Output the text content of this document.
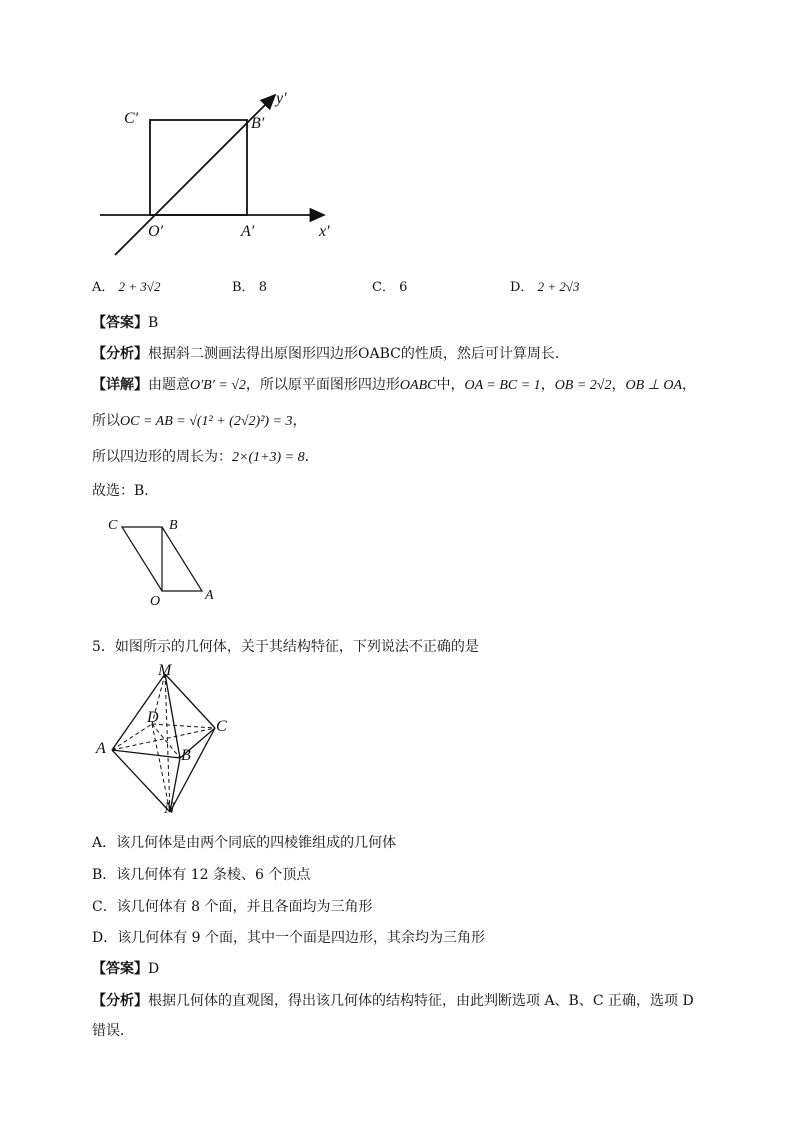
C′	B′
y′
O′	A′	x′
A． 2 + 3√2	B． 8	C． 6	D． 2 + 2√3
【答案】B
【分析】根据斜二测画法得出原图形四边形OABC的性质，然后可计算周长．
【详解】由题意O′B′ = √2，所以原平面图形四边形OABC中，OA = BC = 1，OB = 2√2，OB ⊥ OA，
所以OC = AB = √(1² + (2√2)²) = 3，
所以四边形的周长为：2×(1+3) = 8．
故选：B．
C	B
O	A
5．如图所示的几何体，关于其结构特征，下列说法不正确的是
M
D
C
A	B
N
A．该几何体是由两个同底的四棱锥组成的几何体
B．该几何体有 12 条棱、6 个顶点
C．该几何体有 8 个面，并且各面均为三角形
D．该几何体有 9 个面，其中一个面是四边形，其余均为三角形
【答案】D
【分析】根据几何体的直观图，得出该几何体的结构特征，由此判断选项 A、B、C 正确，选项 D
错误．
